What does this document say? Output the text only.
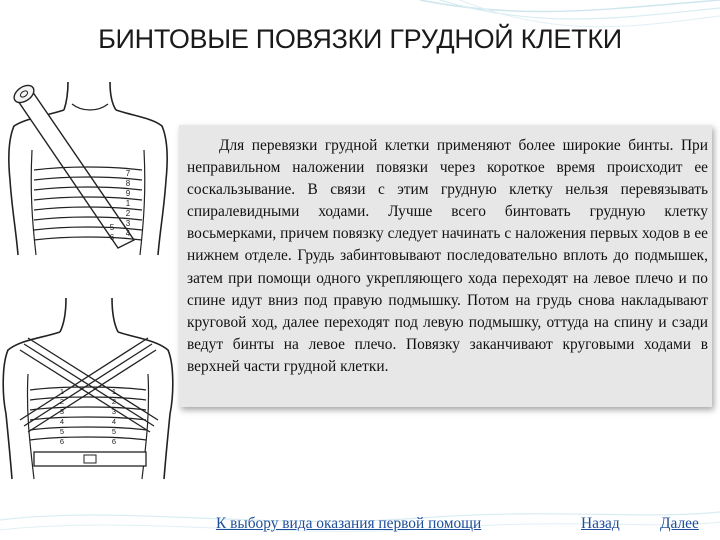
БИНТОВЫЕ ПОВЯЗКИ ГРУДНОЙ КЛЕТКИ
7
8
9
1
2
3
4
5
6
1
2
3
4
5
6
1
2
3
4
5
6

Для перевязки грудной клетки применяют более широкие бинты. При неправильном наложении повязки через короткое время происходит ее соскальзывание. В связи с этим грудную клетку нельзя перевязывать спиралевидными ходами. Лучше всего бинтовать грудную клетку восьмерками, причем повязку следует начинать с наложения первых ходов в ее нижнем отделе. Грудь забинтовывают последовательно вплоть до подмышек, затем при помощи одного укрепляющего хода переходят на левое плечо и по спине идут вниз под правую подмышку. Потом на грудь снова накладывают круговой ход, далее переходят под левую подмышку, оттуда на спину и сзади ведут бинты на левое плечо. Повязку заканчивают круговыми ходами в верхней части грудной клетки.

К выбору вида оказания первой помощи	Назад	Далее
